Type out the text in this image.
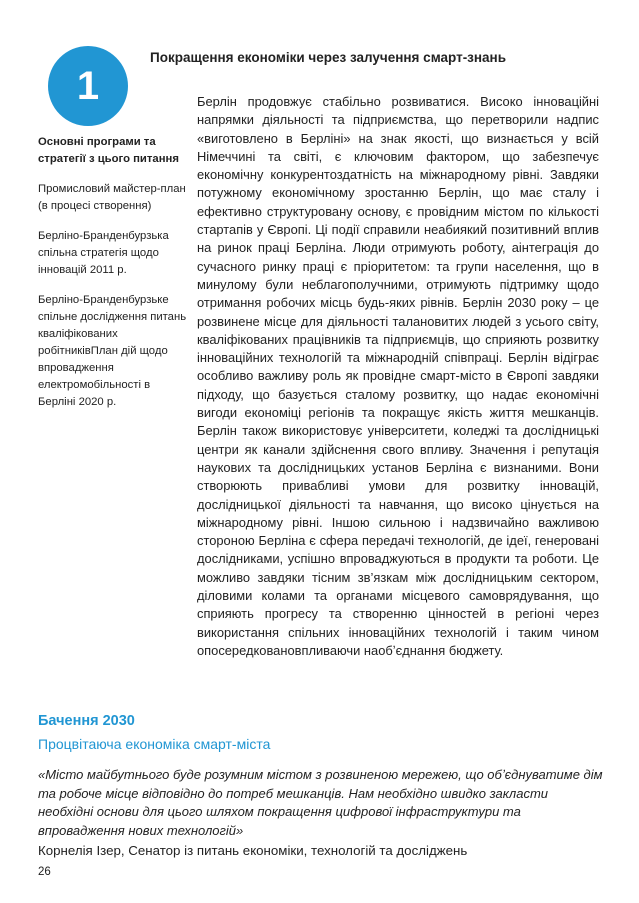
1
Покращення економіки через залучення смарт-знань

Основні програми та стратегії з цього питання

Промисловий майстер-план (в процесі створення)

Берліно-Бранденбурзька спільна стратегія щодо інновацій 2011 р.

Берліно-Бранденбурзьке спільне дослідження питань кваліфікованих робітниківПлан дій щодо впровадження електромобільності в Берліні 2020 р.

Берлін продовжує стабільно розвиватися. Високо інноваційні напрямки діяльності та підприємства, що перетворили надпис «виготовлено в Берліні» на знак якості, що визнається у всій Німеччині та світі, є ключовим фактором, що забезпечує економічну конкурентоздатність на міжнародному рівні. Завдяки потужному економічному зростанню Берлін, що має сталу і ефективно структуровану основу, є провідним містом по кількості стартапів у Європі. Ці події справили неабиякий позитивний вплив на ринок праці Берліна. Люди отримують роботу, аінтеграція до сучасного ринку праці є пріоритетом: та групи населення, що в минулому були неблагополучними, отримують підтримку щодо отримання робочих місць будь-яких рівнів. Берлін 2030 року – це розвинене місце для діяльності талановитих людей з усього світу, кваліфікованих працівників та підприємців, що сприяють розвитку інноваційних технологій та міжнародній співпраці. Берлін відіграє особливо важливу роль як провідне смарт-місто в Європі завдяки підходу, що базується сталому розвитку, що надає економічні вигоди економіці регіонів та покращує якість життя мешканців. Берлін також використовує університети, коледжі та дослідницькі центри як канали здійснення свого впливу. Значення і репутація наукових та дослідницьких установ Берліна є визнаними. Вони створюють привабливі умови для розвитку інновацій, дослідницької діяльності та навчання, що високо цінується на міжнародному рівні. Іншою сильною і надзвичайно важливою стороною Берліна є сфера передачі технологій, де ідеї, генеровані дослідниками, успішно впроваджуються в продукти та роботи. Це можливо завдяки тісним зв’язкам між дослідницьким сектором, діловими колами та органами місцевого самоврядування, що сприяють прогресу та створенню цінностей в регіоні через використання спільних інноваційних технологій і таким чином опосередковановпливаючи наобʼєднання бюджету.

Бачення 2030

Процвітаюча економіка смарт-міста

«Місто майбутнього буде розумним містом з розвиненою мережею, що обʼєднуватиме дім та робоче місце відповідно до потреб мешканців. Нам необхідно швидко закласти необхідні основи для цього шляхом покращення цифрової інфраструктури та впровадження нових технологій»

Корнелія Ізер, Сенатор із питань економіки, технологій та досліджень

26
